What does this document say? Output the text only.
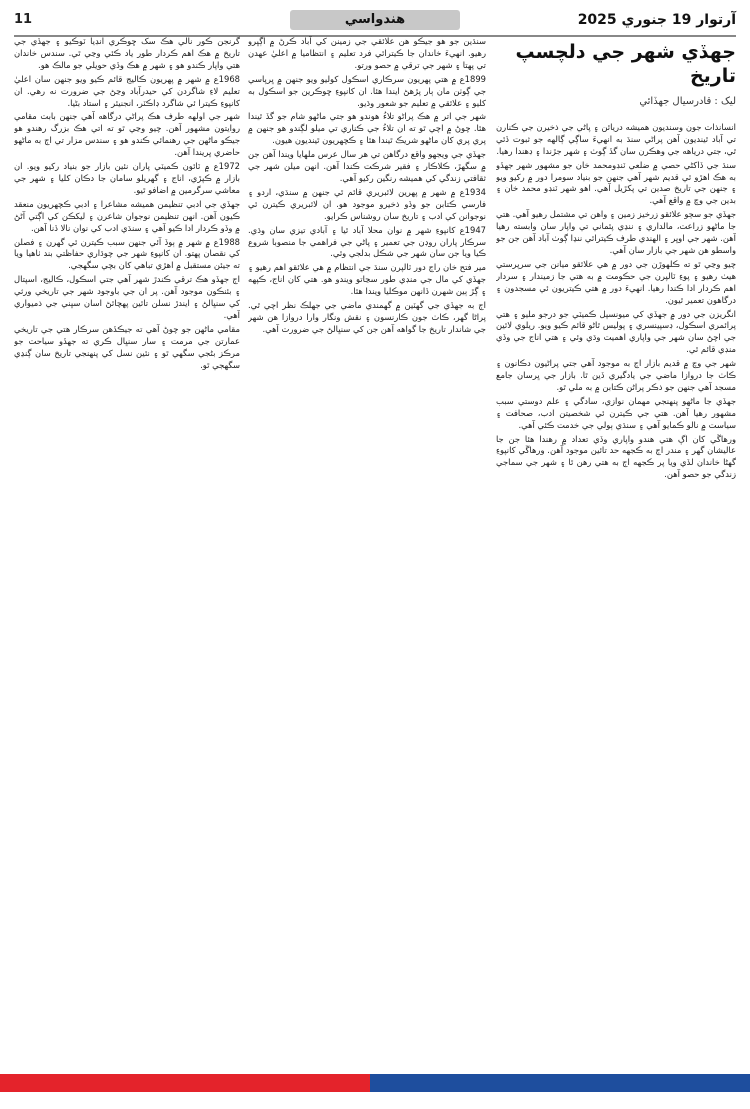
11	هندواسي	آرتوار 19 جنوري 2025
جهڏي شهر جي دلچسپ تاريخ
ليک : قادرسيال جهڏائي

انسانذات جون وسنديون هميشه دريائن ۽ پاڻي جي ذخيرن جي ڪنارن تي آباد ٿينديون آهن پراڻي سنڌ به انهيءَ ساڳي ڳالهه جو ثبوت ڏئي ٿي، جتي درياهه جي وهڪرن سان گڏ ڳوٺ ۽ شهر جڙندا ۽ ڊهندا رهيا.

سنڌ جي ڏاکڻي حصي ۾ ضلعي ٽنڊومحمد خان جو مشهور شهر جهڏو به هڪ اهڙو ئي قديم شهر آهي جنهن جو بنياد سومرا دور ۾ رکيو ويو ۽ جنهن جي تاريخ صدين تي پکڙيل آهي. اهو شهر ٽنڊو محمد خان ۽ بدين جي وچ ۾ واقع آهي.

جهڏي جو سڄو علائقو زرخيز زمين ۽ واهن تي مشتمل رهيو آهي. هتي جا ماڻهو زراعت، مالداري ۽ ننڍي پئماني تي واپار سان وابسته رهيا آهن. شهر جي اوڀر ۽ الهندي طرف ڪيترائي ننڍا ڳوٺ آباد آهن جن جو واسطو هن شهر جي بازار سان آهي.

چيو وڃي ٿو ته ڪلهوڙن جي دور ۾ هي علائقو ميانن جي سرپرستي هيٺ رهيو ۽ پوءِ ٽالپرن جي حڪومت ۾ به هتي جا زميندار ۽ سردار اهم ڪردار ادا ڪندا رهيا. انهيءَ دور ۾ هتي ڪيتريون ئي مسجدون ۽ درگاهون تعمير ٿيون.

انگريزن جي دور ۾ جهڏي کي ميونسپل ڪميٽي جو درجو مليو ۽ هتي پرائمري اسڪول، ڊسپينسري ۽ پوليس ٿاڻو قائم ڪيو ويو. ريلوي لائين جي اچڻ سان شهر جي واپاري اهميت وڌي وئي ۽ هتي اناج جي وڏي منڊي قائم ٿي.

شهر جي وچ ۾ قديم بازار اڄ به موجود آهي جتي پراڻيون دڪانون ۽ ڪاٺ جا دروازا ماضي جي يادگيري ڏين ٿا. بازار جي ڀرسان جامع مسجد آهي جنهن جو ذڪر پراڻن ڪتابن ۾ به ملي ٿو.

جهڏي جا ماڻهو پنهنجي مهمان نوازي، سادگي ۽ علم دوستي سبب مشهور رهيا آهن. هتي جي ڪيترن ئي شخصيتن ادب، صحافت ۽ سياست ۾ نالو ڪمايو آهي ۽ سنڌي ٻولي جي خدمت ڪئي آهي.

ورهاڱي کان اڳ هتي هندو واپاري وڏي تعداد ۾ رهندا هئا جن جا عاليشان گهر ۽ مندر اڄ به ڪجهه حد تائين موجود آهن. ورهاڱي کانپوءِ گهڻا خاندان لڏي ويا پر ڪجهه اڄ به هتي رهن ٿا ۽ شهر جي سماجي زندگي جو حصو آهن.

سنڌين جو هو جيڪو هن علائقي جي زمينن کي آباد ڪرڻ ۾ اڳڀرو رهيو. انهيءَ خاندان جا ڪيترائي فرد تعليم ۽ انتظاميا ۾ اعليٰ عهدن تي پهتا ۽ شهر جي ترقي ۾ حصو ورتو.

1899ع ۾ هتي پهريون سرڪاري اسڪول کوليو ويو جنهن ۾ ڀرپاسي جي ڳوٺن مان ٻار پڙهڻ ايندا هئا. ان کانپوءِ ڇوڪرين جو اسڪول به کليو ۽ علائقي ۾ تعليم جو شعور وڌيو.

شهر جي اتر ۾ هڪ پراڻو تلاءُ هوندو هو جتي ماڻهو شام جو گڏ ٿيندا هئا. چوڻ ۾ اچي ٿو ته ان تلاءُ جي ڪناري تي ميلو لڳندو هو جنهن ۾ پري پري کان ماڻهو شريڪ ٿيندا هئا ۽ ڪچهريون ٿينديون هيون.

جهڏي جي ويجهو واقع درگاهن تي هر سال عرس ملهايا ويندا آهن جن ۾ سگهڙ، ڪلاڪار ۽ فقير شرڪت ڪندا آهن. انهن ميلن شهر جي ثقافتي زندگي کي هميشه رنگين رکيو آهي.

1934ع ۾ شهر ۾ پهرين لائبريري قائم ٿي جنهن ۾ سنڌي، اردو ۽ فارسي ڪتابن جو وڏو ذخيرو موجود هو. ان لائبريري ڪيترن ئي نوجوانن کي ادب ۽ تاريخ سان روشناس ڪرايو.

1947ع کانپوءِ شهر ۾ نوان محلا آباد ٿيا ۽ آبادي تيزي سان وڌي. سرڪار پاران روڊن جي تعمير ۽ پاڻي جي فراهمي جا منصوبا شروع ڪيا ويا جن سان شهر جي شڪل بدلجي وئي.

مير فتح خان راڄ دور ٽالپرن سنڌ جي انتظام ۾ هي علائقو اهم رهيو ۽ جهڏي کي مال جي منڊي طور سڃاتو ويندو هو. هتي کان اناج، ڪپهه ۽ ڳڙ ٻين شهرن ڏانهن موڪليا ويندا هئا.

اڄ به جهڏي جي گهٽين ۾ گهمندي ماضي جي جهلڪ نظر اچي ٿي. پراڻا گهر، ڪاٺ جون ڪارنسون ۽ نقش ونگار وارا دروازا هن شهر جي شاندار تاريخ جا گواهه آهن جن کي سنڀالڻ جي ضرورت آهي.

گرنجن ڪور نالي هڪ سک ڇوڪري انڊيا ٽوڪيو ۽ جهڏي جي تاريخ ۾ هڪ اهم ڪردار طور ياد ڪئي وڃي ٿي. سندس خاندان هتي واپار ڪندو هو ۽ شهر ۾ هڪ وڏي حويلي جو مالڪ هو.

1968ع ۾ شهر ۾ پهريون ڪاليج قائم ڪيو ويو جنهن سان اعليٰ تعليم لاءِ شاگردن کي حيدرآباد وڃڻ جي ضرورت نه رهي. ان کانپوءِ ڪيترا ئي شاگرد ڊاڪٽر، انجنيئر ۽ استاد بڻيا.

شهر جي اولهه طرف هڪ پراڻي درگاهه آهي جنهن بابت مقامي روايتون مشهور آهن. چيو وڃي ٿو ته اتي هڪ بزرگ رهندو هو جيڪو ماڻهن جي رهنمائي ڪندو هو ۽ سندس مزار تي اڄ به ماڻهو حاضري ڀريندا آهن.

1972ع ۾ ٽائون ڪميٽي پاران نئين بازار جو بنياد رکيو ويو. ان بازار ۾ ڪپڙي، اناج ۽ گهريلو سامان جا دڪان کليا ۽ شهر جي معاشي سرگرمين ۾ اضافو ٿيو.

جهڏي جي ادبي تنظيمن هميشه مشاعرا ۽ ادبي ڪچهريون منعقد ڪيون آهن. انهن تنظيمن نوجوان شاعرن ۽ ليکڪن کي اڳتي آڻڻ ۾ وڏو ڪردار ادا ڪيو آهي ۽ سنڌي ادب کي نوان نالا ڏنا آهن.

1988ع ۾ شهر ۾ ٻوڏ آئي جنهن سبب ڪيترن ئي گهرن ۽ فصلن کي نقصان پهتو. ان کانپوءِ شهر جي چوڌاري حفاظتي بند ٺاهيا ويا ته جيئن مستقبل ۾ اهڙي تباهي کان بچي سگهجي.

اڄ جهڏو هڪ ترقي ڪندڙ شهر آهي جتي اسڪول، ڪاليج، اسپتال ۽ بئنڪون موجود آهن. پر ان جي باوجود شهر جي تاريخي ورثي کي سنڀالڻ ۽ ايندڙ نسلن تائين پهچائڻ اسان سڀني جي ذميواري آهي.

مقامي ماڻهن جو چوڻ آهي ته جيڪڏهن سرڪار هتي جي تاريخي عمارتن جي مرمت ۽ سار سنڀال ڪري ته جهڏو سياحت جو مرڪز بڻجي سگهي ٿو ۽ نئين نسل کي پنهنجي تاريخ سان ڳنڍي سگهجي ٿو.
